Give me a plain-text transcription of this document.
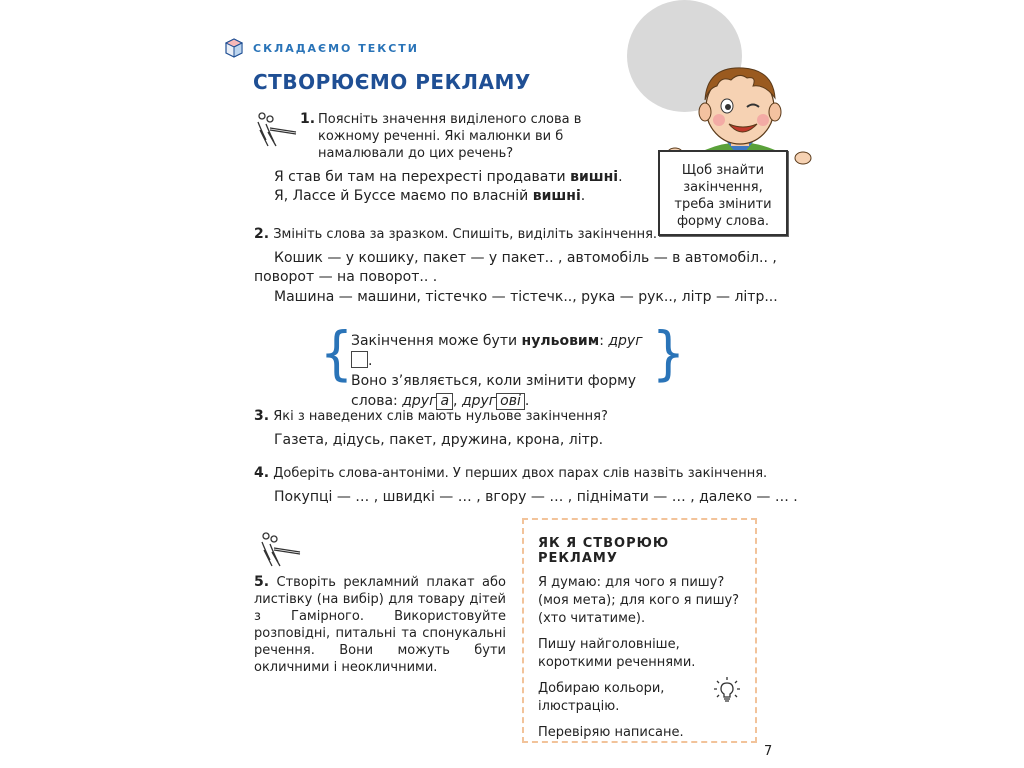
СКЛАДАЄМО ТЕКСТИ
СТВОРЮЄМО РЕКЛАМУ
Щоб знайти
закінчення,
треба змінити
форму слова.
1. Поясніть значення виділеного слова в кожному реченні. Які малюнки ви б намалювали до цих речень?
Я став би там на перехресті продавати вишні.
Я, Лассе й Буссе маємо по власній вишні.
2. Змініть слова за зразком. Спишіть, виділіть закінчення.
Кошик — у кошику, пакет — у пакет.. , автомобіль — в автомобіл.. ,
поворот — на поворот.. .
Машина — машини, тістечко — тістечк.., рука — рук.., літр — літр...
{	}
Закінчення може бути нульовим: друг.
Воно з’являється, коли змінити форму
слова: друг а , друг ові .
3. Які з наведених слів мають нульове закінчення?
Газета, дідусь, пакет, дружина, крона, літр.
4. Доберіть слова-антоніми. У перших двох парах слів назвіть закінчення.
Покупці — … , швидкі — … , вгору — … , піднімати — … , далеко — … .
5. Створіть рекламний плакат або листівку (на вибір) для товару дітей з Гамірного. Використовуйте розповідні, питальні та спонукальні речення. Вони можуть бути окличними і неокличними.
ЯК Я СТВОРЮЮ РЕКЛАМУ
Я думаю: для чого я пишу? (моя мета); для кого я пишу? (хто читатиме).
Пишу найголовніше, короткими реченнями.
Добираю кольори, ілюстрацію.
Перевіряю написане.
7
